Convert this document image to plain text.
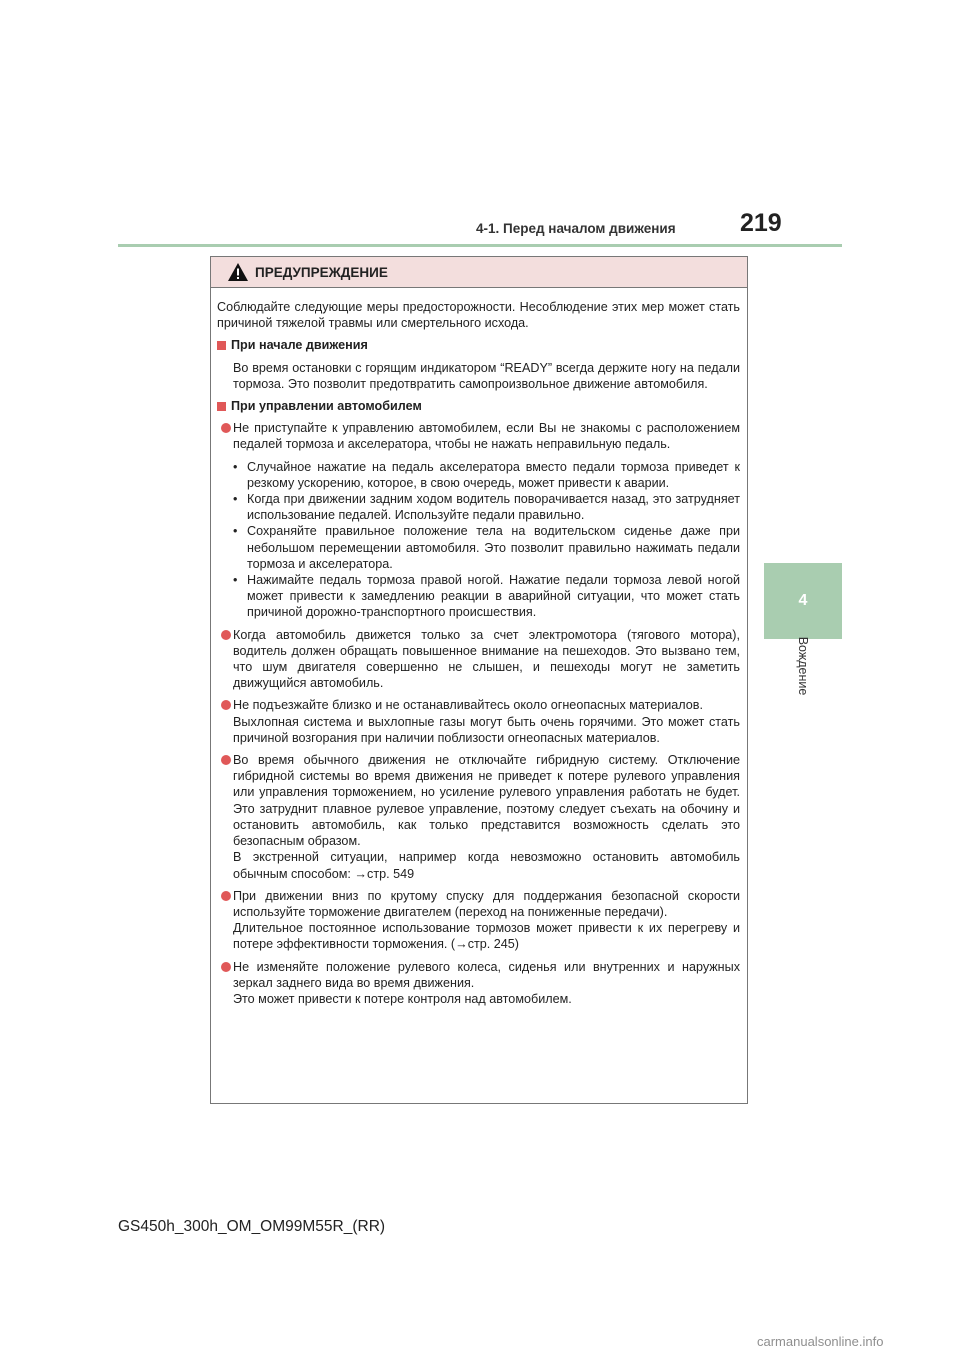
4-1. Перед началом движения	219
4
Вождение
ПРЕДУПРЕЖДЕНИЕ

Соблюдайте следующие меры предосторожности. Несоблюдение этих мер может стать причиной тяжелой травмы или смертельного исхода.

При начале движения

Во время остановки с горящим индикатором “READY” всегда держите ногу на педали тормоза. Это позволит предотвратить самопроизвольное движение автомобиля.

При управлении автомобилем

Не приступайте к управлению автомобилем, если Вы не знакомы с расположением педалей тормоза и акселератора, чтобы не нажать неправильную педаль.

• Случайное нажатие на педаль акселератора вместо педали тормоза приведет к резкому ускорению, которое, в свою очередь, может привести к аварии.
• Когда при движении задним ходом водитель поворачивается назад, это затрудняет использование педалей. Используйте педали правильно.
• Сохраняйте правильное положение тела на водительском сиденье даже при небольшом перемещении автомобиля. Это позволит правильно нажимать педали тормоза и акселератора.
• Нажимайте педаль тормоза правой ногой. Нажатие педали тормоза левой ногой может привести к замедлению реакции в аварийной ситуации, что может стать причиной дорожно-транспортного происшествия.

Когда автомобиль движется только за счет электромотора (тягового мотора), водитель должен обращать повышенное внимание на пешеходов. Это вызвано тем, что шум двигателя совершенно не слышен, и пешеходы могут не заметить движущийся автомобиль.

Не подъезжайте близко и не останавливайтесь около огнеопасных материалов.

Выхлопная система и выхлопные газы могут быть очень горячими. Это может стать причиной возгорания при наличии поблизости огнеопасных материалов.

Во время обычного движения не отключайте гибридную систему. Отключение гибридной системы во время движения не приведет к потере рулевого управления или управления торможением, но усиление рулевого управления работать не будет. Это затруднит плавное рулевое управление, поэтому следует съехать на обочину и остановить автомобиль, как только представится возможность сделать это безопасным образом.

В экстренной ситуации, например когда невозможно остановить автомобиль обычным способом: →стр. 549

При движении вниз по крутому спуску для поддержания безопасной скорости используйте торможение двигателем (переход на пониженные передачи).

Длительное постоянное использование тормозов может привести к их перегреву и потере эффективности торможения. (→стр. 245)

Не изменяйте положение рулевого колеса, сиденья или внутренних и наружных зеркал заднего вида во время движения.

Это может привести к потере контроля над автомобилем.

GS450h_300h_OM_OM99M55R_(RR)
carmanualsonline.info
